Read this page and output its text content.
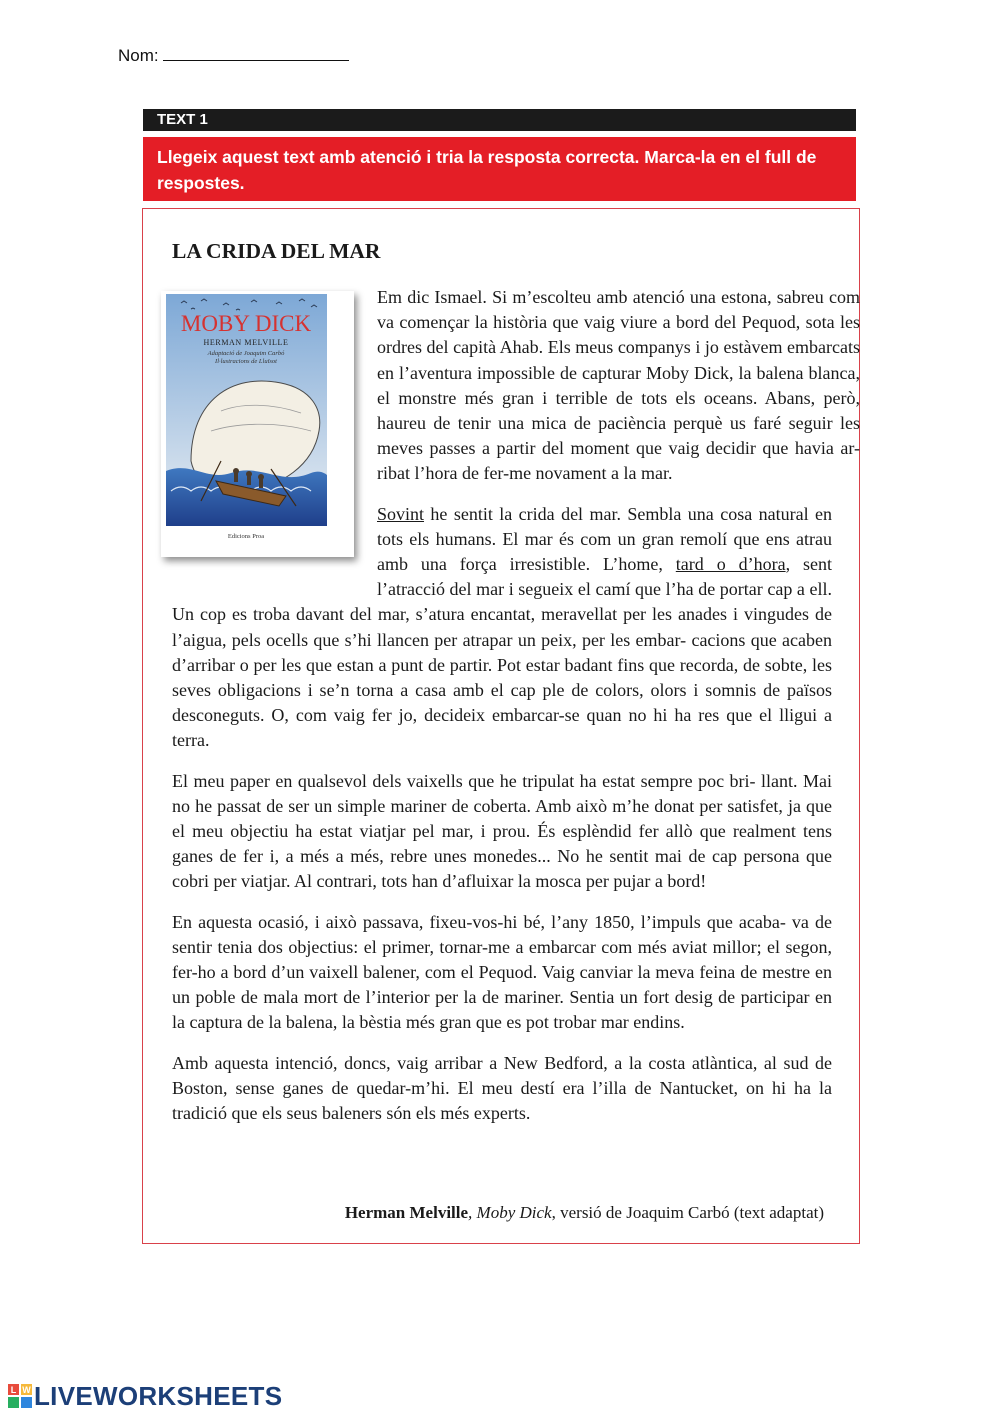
Nom:
TEXT 1
Llegeix aquest text amb atenció i tria la resposta correcta. Marca-la en el full de respostes.
LA CRIDA DEL MAR
MOBY DICK
HERMAN MELVILLE
Adaptació de Joaquim Carbó
Il·lustracions de Lluïsot
Edicions Proa

Em dic Ismael. Si m’escolteu amb atenció una estona, sabreu com va començar la història que vaig viure a bord del Pequod, sota les ordres del capità Ahab. Els meus companys i jo estàvem embarcats en l’aventura impossible de capturar Moby Dick, la balena blanca, el monstre més gran i terrible de tots els oceans. Abans, però, haureu de tenir una mica de paciència perquè us faré seguir les meves passes a partir del moment que vaig decidir que havia ar- ribat l’hora de fer-me novament a la mar.

Sovint he sentit la crida del mar. Sembla una cosa natural en tots els humans. El mar és com un gran remolí que ens atrau amb una força irresistible. L’home, tard o d’hora, sent l’atracció del mar i segueix el camí que l’ha de portar cap a ell. Un cop es troba davant del mar, s’atura encantat, meravellat per les anades i vingudes de l’aigua, pels ocells que s’hi llancen per atrapar un peix, per les embar- cacions que acaben d’arribar o per les que estan a punt de partir. Pot estar badant fins que recorda, de sobte, les seves obligacions i se’n torna a casa amb el cap ple de colors, olors i somnis de països desconeguts. O, com vaig fer jo, decideix embarcar-se quan no hi ha res que el lligui a terra.

El meu paper en qualsevol dels vaixells que he tripulat ha estat sempre poc bri- llant. Mai no he passat de ser un simple mariner de coberta. Amb això m’he donat per satisfet, ja que el meu objectiu ha estat viatjar pel mar, i prou. És esplèndid fer allò que realment tens ganes de fer i, a més a més, rebre unes monedes... No he sentit mai de cap persona que cobri per viatjar. Al contrari, tots han d’afluixar la mosca per pujar a bord!

En aquesta ocasió, i això passava, fixeu-vos-hi bé, l’any 1850, l’impuls que acaba- va de sentir tenia dos objectius: el primer, tornar-me a embarcar com més aviat millor; el segon, fer-ho a bord d’un vaixell balener, com el Pequod. Vaig canviar la meva feina de mestre en un poble de mala mort de l’interior per la de mariner. Sentia un fort desig de participar en la captura de la balena, la bèstia més gran que es pot trobar mar endins.

Amb aquesta intenció, doncs, vaig arribar a New Bedford, a la costa atlàntica, al sud de Boston, sense ganes de quedar-m’hi. El meu destí era l’illa de Nantucket, on hi ha la tradició que els seus baleners són els més experts.

Herman Melville, Moby Dick, versió de Joaquim Carbó (text adaptat)
L W LIVEWORKSHEETS
